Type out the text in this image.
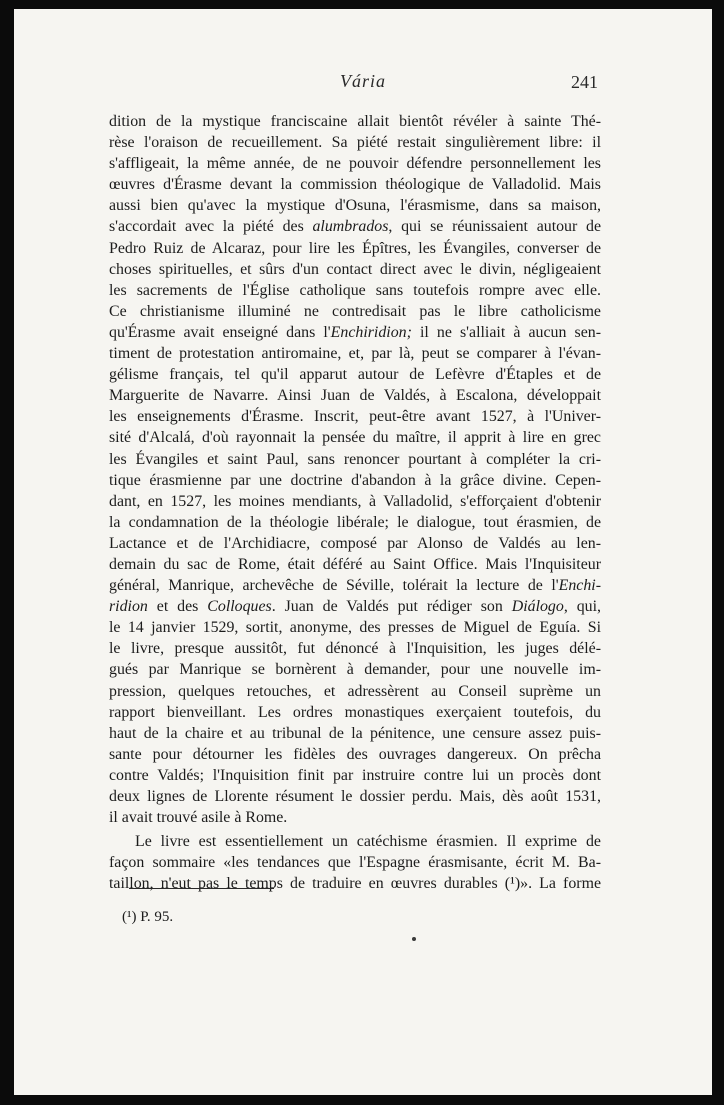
Vária	241
dition de la mystique franciscaine allait bientôt révéler à sainte Thé-
rèse l'oraison de recueillement. Sa piété restait singulièrement libre: il
s'affligeait, la même année, de ne pouvoir défendre personnellement les
œuvres d'Érasme devant la commission théologique de Valladolid. Mais
aussi bien qu'avec la mystique d'Osuna, l'érasmisme, dans sa maison,
s'accordait avec la piété des alumbrados, qui se réunissaient autour de
Pedro Ruiz de Alcaraz, pour lire les Épîtres, les Évangiles, converser de
choses spirituelles, et sûrs d'un contact direct avec le divin, négligeaient
les sacrements de l'Église catholique sans toutefois rompre avec elle.
Ce christianisme illuminé ne contredisait pas le libre catholicisme
qu'Érasme avait enseigné dans l'Enchiridion; il ne s'alliait à aucun sen-
timent de protestation antiromaine, et, par là, peut se comparer à l'évan-
gélisme français, tel qu'il apparut autour de Lefèvre d'Étaples et de
Marguerite de Navarre. Ainsi Juan de Valdés, à Escalona, développait
les enseignements d'Érasme. Inscrit, peut-être avant 1527, à l'Univer-
sité d'Alcalá, d'où rayonnait la pensée du maître, il apprit à lire en grec
les Évangiles et saint Paul, sans renoncer pourtant à compléter la cri-
tique érasmienne par une doctrine d'abandon à la grâce divine. Cepen-
dant, en 1527, les moines mendiants, à Valladolid, s'efforçaient d'obtenir
la condamnation de la théologie libérale; le dialogue, tout érasmien, de
Lactance et de l'Archidiacre, composé par Alonso de Valdés au len-
demain du sac de Rome, était déféré au Saint Office. Mais l'Inquisiteur
général, Manrique, archevêche de Séville, tolérait la lecture de l'Enchi-
ridion et des Colloques. Juan de Valdés put rédiger son Diálogo, qui,
le 14 janvier 1529, sortit, anonyme, des presses de Miguel de Eguía. Si
le livre, presque aussitôt, fut dénoncé à l'Inquisition, les juges délé-
gués par Manrique se bornèrent à demander, pour une nouvelle im-
pression, quelques retouches, et adressèrent au Conseil suprème un
rapport bienveillant. Les ordres monastiques exerçaient toutefois, du
haut de la chaire et au tribunal de la pénitence, une censure assez puis-
sante pour détourner les fidèles des ouvrages dangereux. On prêcha
contre Valdés; l'Inquisition finit par instruire contre lui un procès dont
deux lignes de Llorente résument le dossier perdu. Mais, dès août 1531,
il avait trouvé asile à Rome.
Le livre est essentiellement un catéchisme érasmien. Il exprime de
façon sommaire «les tendances que l'Espagne érasmisante, écrit M. Ba-
taillon, n'eut pas le temps de traduire en œuvres durables (¹)». La forme
(¹) P. 95.
